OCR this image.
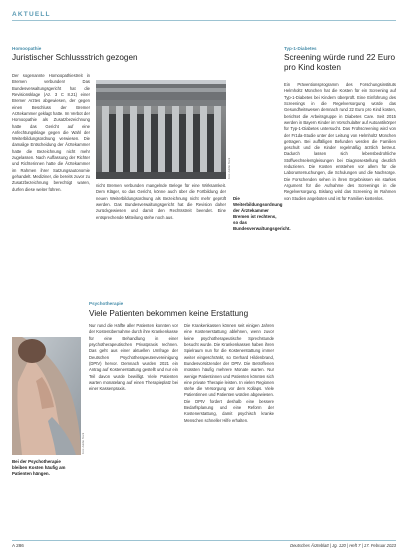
AKTUELL
Homoopathie
Juristischer Schlussstrich gezogen
Der sogenannte Homoopathiestreit in Bremen verbunden! Das Bundesverwaltungsgericht hat die Revisionsklage (Az. 3 C 8.21) einer Bremer Arztes abgewiesen, der gegen einen Beschluss der Bremer Arztekammer geklagt hatte. Im Verbot der Homoopathie als Zusatzbezeichnung hatte das Gericht auf eine Anfechtungsklage gegen die Wahl der Weiterbildungsordnung verwiesen. Die damalige Entscheidung der Ärztekammer hatte die Bezeichnung nicht mehr zugelassen. Nach Auffassung der Richter und Richterinnen hatte die Ärztekammer im Rahmen ihrer Satzungsautonomie gehandelt. Mediziner, die bereits zuvor zu Zusatzbezeichnung berechtigt waren, durfen diese weiter führen.
Foto: Adobe Stock
nicht Bremen verbunden mangelnde Belege für eine Wirksamkeit. Dem Kläger, so das Gericht, könne auch über die Fortbildung der neuen Weiterbildungsordnung als Bezeichnung nicht mehr geprüft werden. Das Bundesverwaltungsgericht hat die Revision daher zurückgewiesen und damit den Rechtsstreit beendet. Eine entsprechende Mitteilung stehe noch aus.
Die Weiterbildungsordnung der Ärztekammer Bremen ist rechtens, so das Bundesverwaltungsgericht.
Typ-1-Diabetes
Screening würde rund 22 Euro pro Kind kosten
Ein Präventionsprogramm des Forschungsinstituts Helmholtz München hat die Kosten für ein Screening auf Typ-1-Diabetes bei Kindern überprüft. Eine Einführung des Screenings in die Regelversorgung würde das Gesundheitswesen demnach rund 22 Euro pro Kind kosten, berichtet die Arbeitsgruppe in Diabetes Care. Seit 2015 werden in Bayern Kinder im Vorschulalter auf Autoantikörper für Typ-1-Diabetes untersucht. Das Frühscreening wird von der Fr1da-Studie unter der Leitung von Helmholtz München getragen. Bei auffälligen Befunden werden die Familien geschult und die Kinder regelmäßig ärztlich betreut. Dadurch lassen sich lebensbedrohliche Stoffwechselentgleisungen bei Diagnosestellung deutlich reduzieren. Die Kosten entstehen vor allem für die Laboruntersuchungen, die Schulungen und die Nachsorge. Die Forschenden sehen in ihren Ergebnissen ein starkes Argument für die Aufnahme des Screenings in die Regelversorgung. Bislang wird das Screening im Rahmen von Studien angeboten und ist für Familien kostenlos.
Psychotherapie
Viele Patienten bekommen keine Erstattung
Foto: Adobe Stock
Bei der Psychotherapie bleiben Kosten häufig am Patienten hängen.
Nur rund die Hälfte aller Patienten konnten vor der Kostenübernahme durch ihre Krankenkasse für eine Behandlung in einer psychotherapeutischen Privatpraxis rechnen. Das geht aus einer aktuellen Umfrage der Deutschen Psychotherapeutenvereinigung (DPtV) hervor. Demnach wurden 2021 ein Antrag auf Kostenerstattung gestellt und nur ein Teil davon wurde bewilligt. Viele Patienten warten monatelang auf einen Therapieplatz bei einer Kassenpraxis.
Die Krankenkassen können seit einigen Jahren eine Kostenerstattung ablehnen, wenn zuvor keine psychotherapeutische Sprechstunde besucht wurde. Die Krankenkassen haben ihren Spielraum nun für die Kostenerstattung immer weiter eingeschränkt, so Gerhard Hildenbrand, Bundesvorsitzender der DPtV. Die Betroffenen müssten häufig mehrere Monate warten. Nur wenige Patientinnen und Patienten könnten sich eine private Therapie leisten. In vielen Regionen stehe die Versorgung vor dem Kollaps. Viele Patientinnen und Patienten würden abgewiesen. Die DPtV fordert deshalb eine bessere Bedarfsplanung und eine Reform der Kostenerstattung, damit psychisch kranke Menschen schneller Hilfe erhalten.
A 286	Deutsches Ärzteblatt | Jg. 120 | Heft 7 | 17. Februar 2023
